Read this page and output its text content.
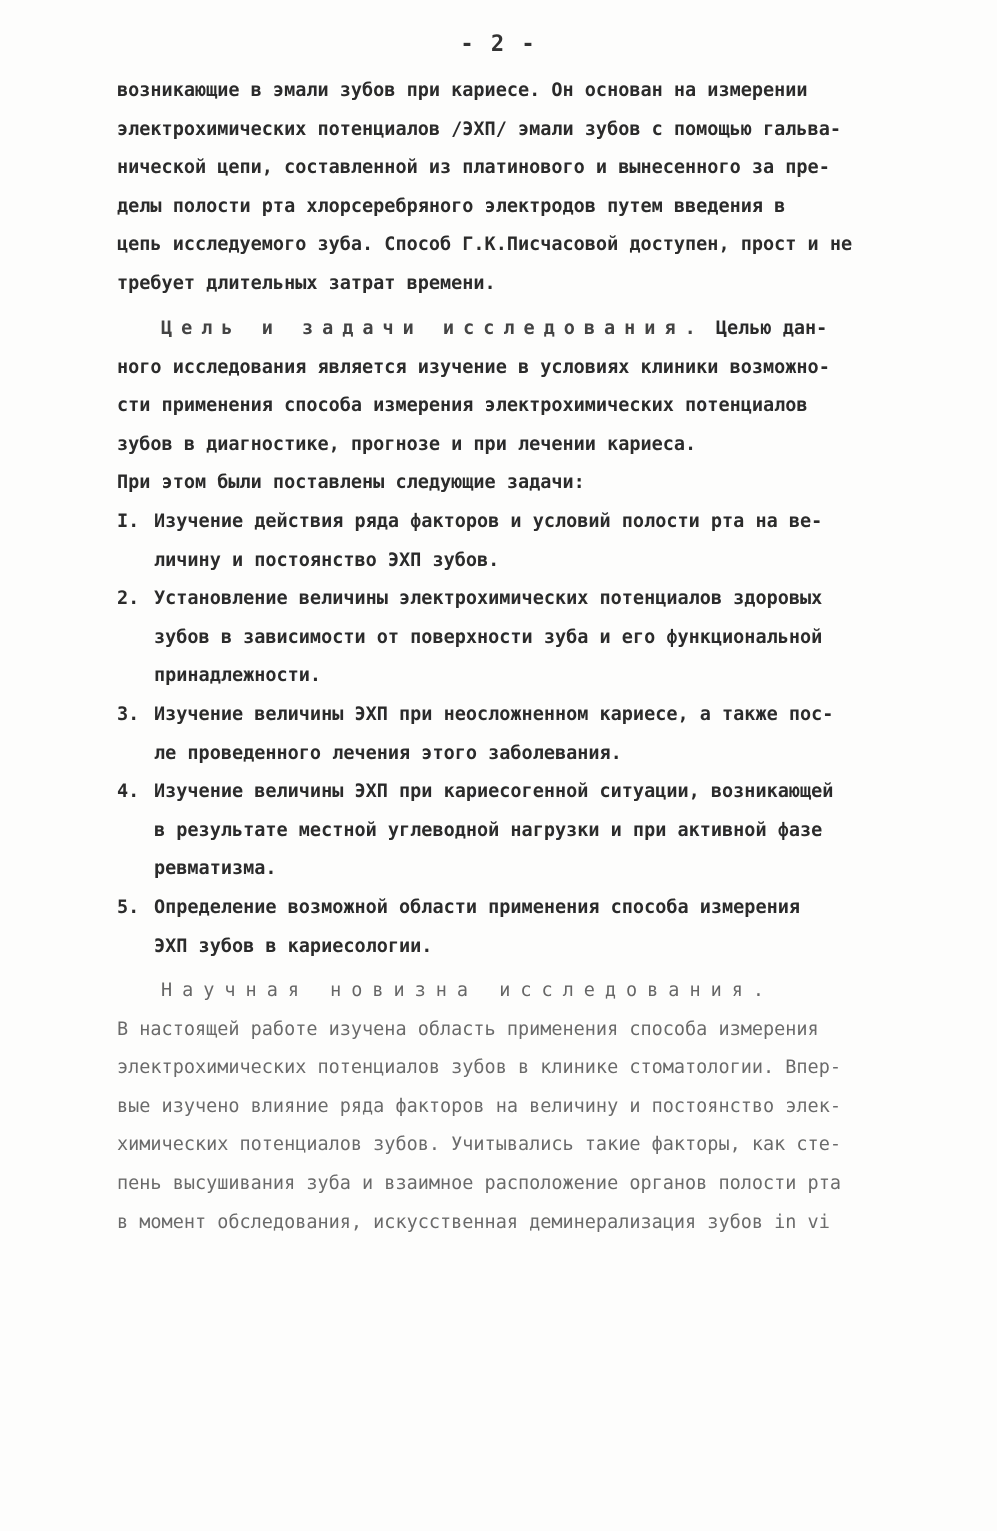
- 2 -
возникающие в эмали зубов при кариесе. Он основан на измерении
электрохимических потенциалов /ЭХП/ эмали зубов с помощью гальва-
нической цепи, составленной из платинового и вынесенного за пре-
делы полости рта хлорсеребряного электродов путем введения в
цепь исследуемого зуба. Способ Г.К.Писчасовой доступен, прост и не
требует длительных затрат времени.
Цель и задачи исследования. Целью дан-
ного исследования является изучение в условиях клиники возможно-
сти применения способа измерения электрохимических потенциалов
зубов в диагностике, прогнозе и при лечении кариеса.
При этом были поставлены следующие задачи:
I. Изучение действия ряда факторов и условий полости рта на ве-
личину и постоянство ЭХП зубов.
2. Установление величины электрохимических потенциалов здоровых
зубов в зависимости от поверхности зуба и его функциональной
принадлежности.
3. Изучение величины ЭХП при неосложненном кариесе, а также пос-
ле проведенного лечения этого заболевания.
4. Изучение величины ЭХП при кариесогенной ситуации, возникающей
в результате местной углеводной нагрузки и при активной фазе
ревматизма.
5. Определение возможной области применения способа измерения
ЭХП зубов в кариесологии.
Научная новизна исследования.
В настоящей работе изучена область применения способа измерения
электрохимических потенциалов зубов в клинике стоматологии. Впер-
вые изучено влияние ряда факторов на величину и постоянство элек-
химических потенциалов зубов. Учитывались такие факторы, как сте-
пень высушивания зуба и взаимное расположение органов полости рта
в момент обследования, искусственная деминерализация зубов in vi
